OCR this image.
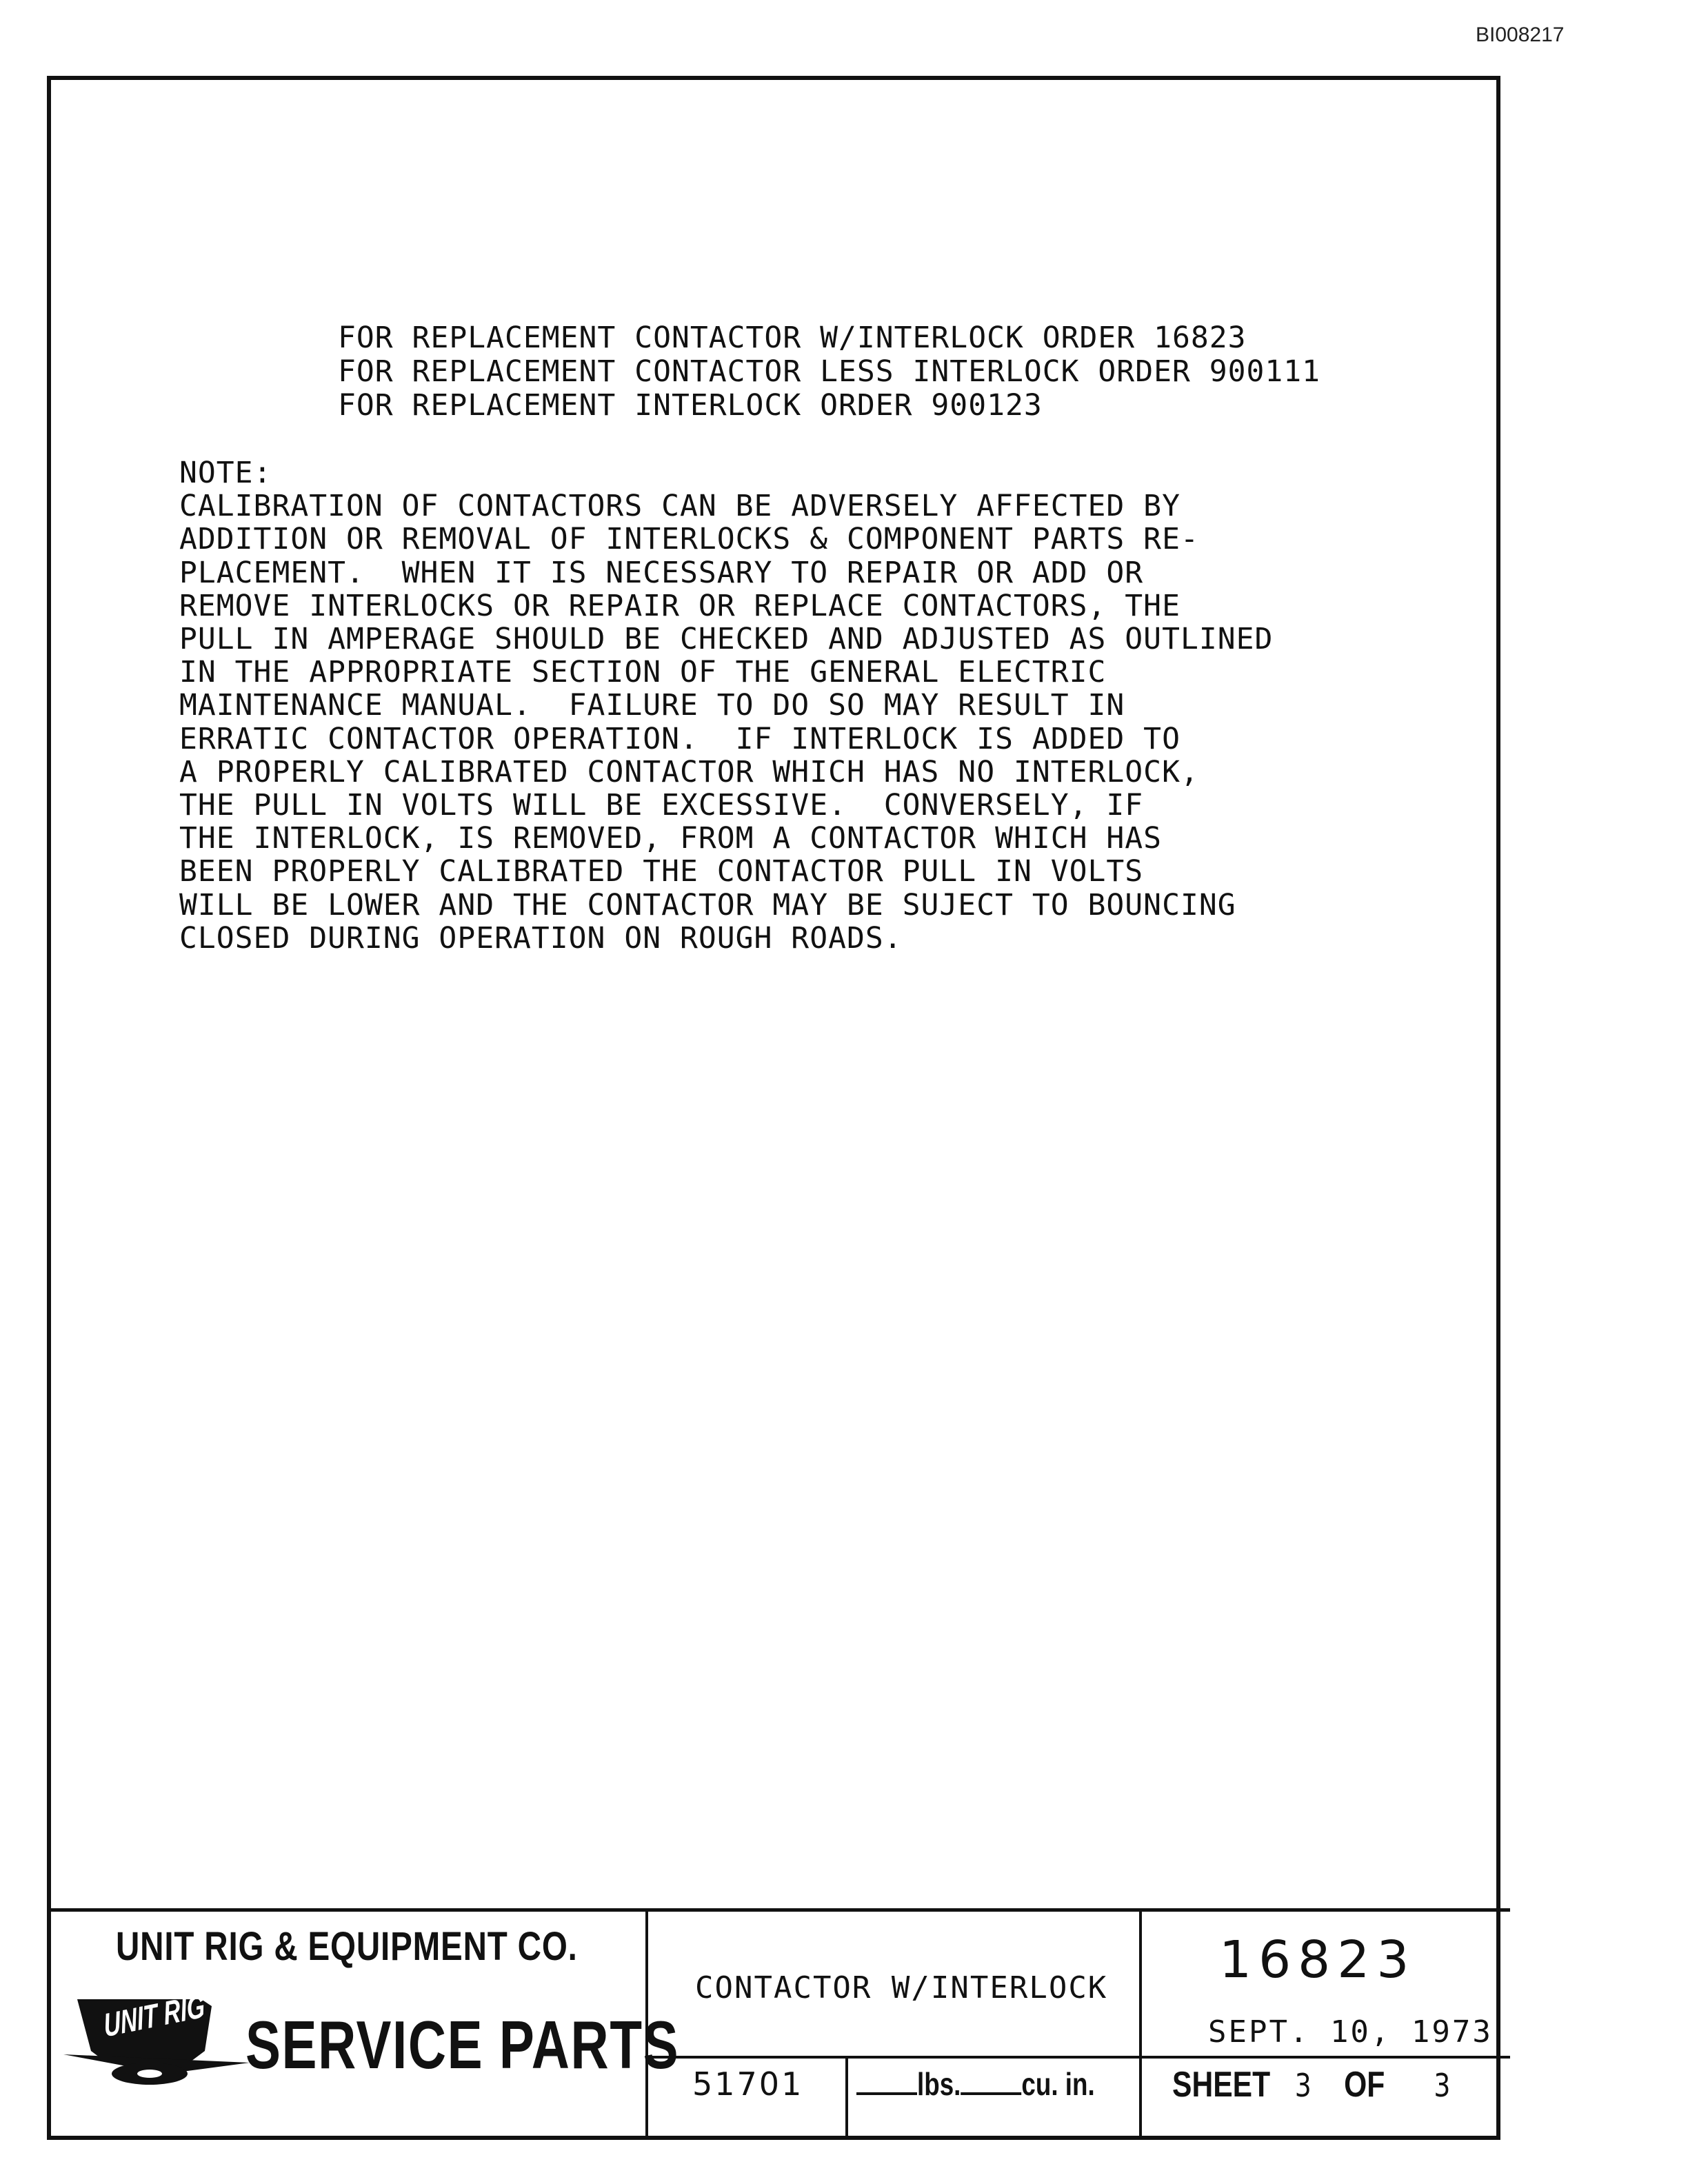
BI008217
FOR REPLACEMENT CONTACTOR W/INTERLOCK ORDER 16823
FOR REPLACEMENT CONTACTOR LESS INTERLOCK ORDER 900111
FOR REPLACEMENT INTERLOCK ORDER 900123
NOTE:
CALIBRATION OF CONTACTORS CAN BE ADVERSELY AFFECTED BY
ADDITION OR REMOVAL OF INTERLOCKS & COMPONENT PARTS RE-
PLACEMENT.  WHEN IT IS NECESSARY TO REPAIR OR ADD OR
REMOVE INTERLOCKS OR REPAIR OR REPLACE CONTACTORS, THE
PULL IN AMPERAGE SHOULD BE CHECKED AND ADJUSTED AS OUTLINED
IN THE APPROPRIATE SECTION OF THE GENERAL ELECTRIC
MAINTENANCE MANUAL.  FAILURE TO DO SO MAY RESULT IN
ERRATIC CONTACTOR OPERATION.  IF INTERLOCK IS ADDED TO
A PROPERLY CALIBRATED CONTACTOR WHICH HAS NO INTERLOCK,
THE PULL IN VOLTS WILL BE EXCESSIVE.  CONVERSELY, IF
THE INTERLOCK, IS REMOVED, FROM A CONTACTOR WHICH HAS
BEEN PROPERLY CALIBRATED THE CONTACTOR PULL IN VOLTS
WILL BE LOWER AND THE CONTACTOR MAY BE SUJECT TO BOUNCING
CLOSED DURING OPERATION ON ROUGH ROADS.
UNIT RIG & EQUIPMENT CO.
UNIT RIG SERVICE PARTS
CONTACTOR W/INTERLOCK 16823
SEPT. 10, 1973
51701	lbs. cu. in. SHEET 3 OF 3
